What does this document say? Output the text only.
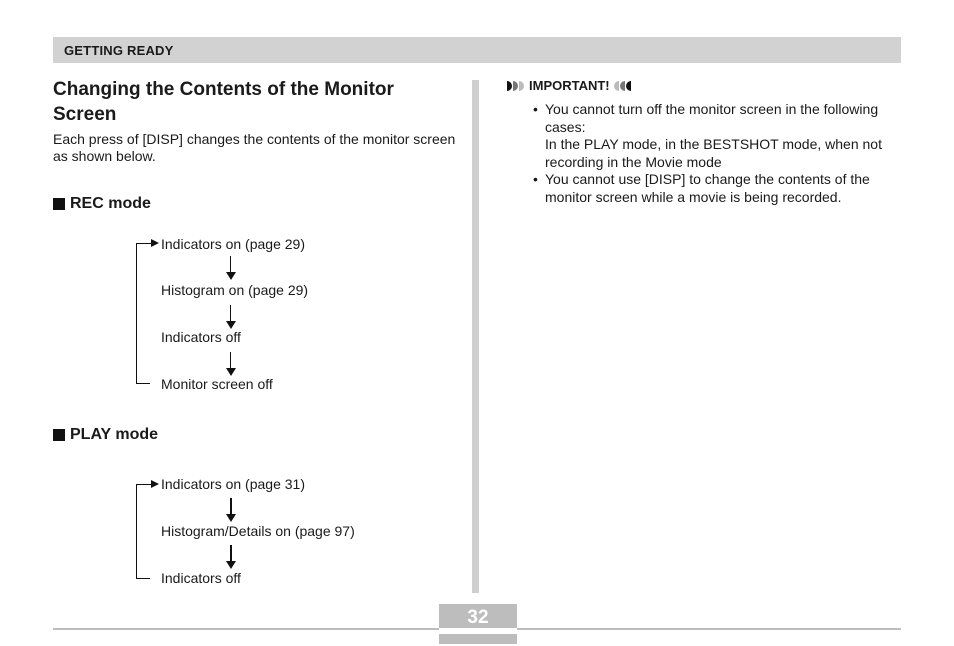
GETTING READY
Changing the Contents of the Monitor Screen

Each press of [DISP] changes the contents of the monitor screen as shown below.

REC mode
Indicators on (page 29)
Histogram on (page 29)
Indicators off
Monitor screen off
PLAY mode
Indicators on (page 31)
Histogram/Details on (page 97)
Indicators off
IMPORTANT!
• You cannot turn off the monitor screen in the following cases:
In the PLAY mode, in the BESTSHOT mode, when not recording in the Movie mode
• You cannot use [DISP] to change the contents of the monitor screen while a movie is being recorded.
32
